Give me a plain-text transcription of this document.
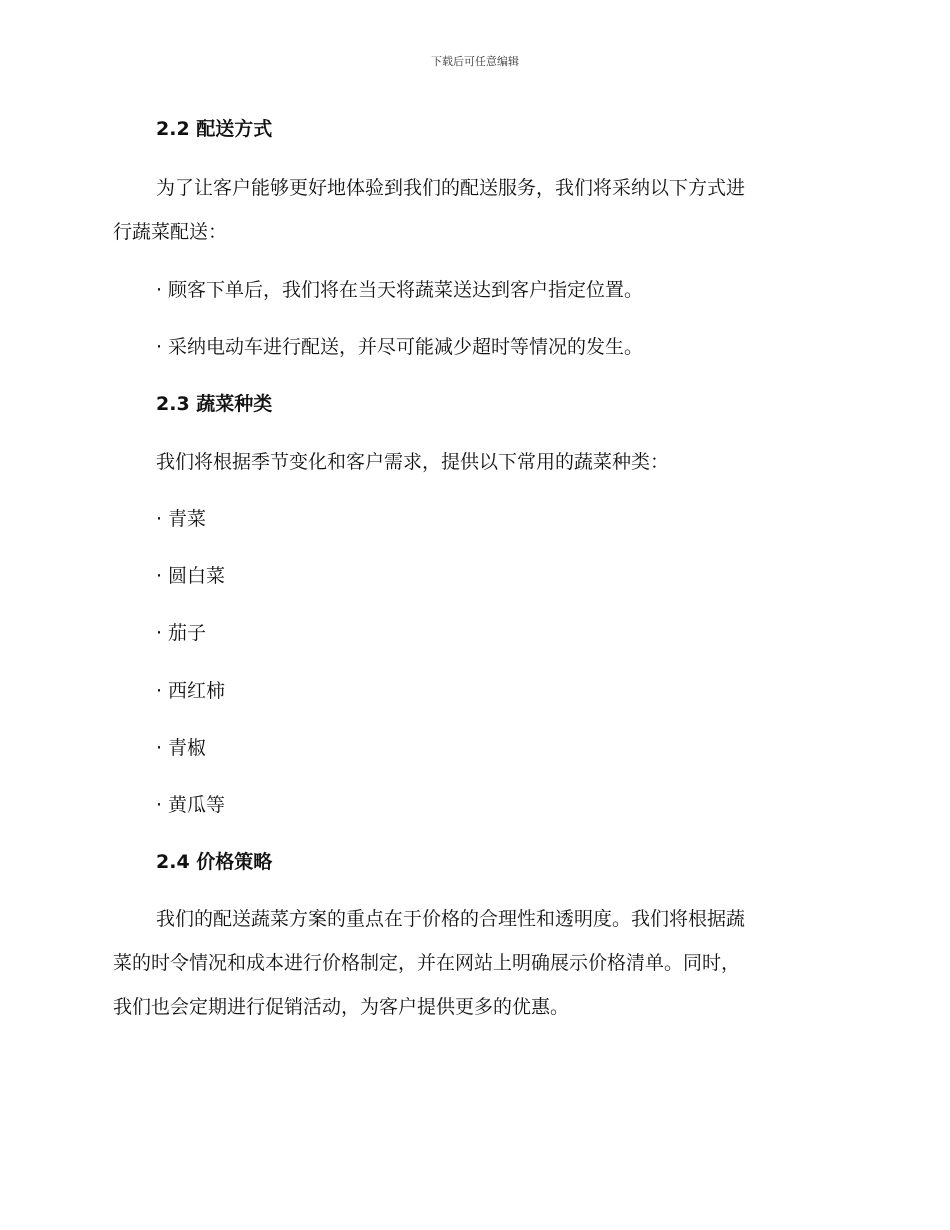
下载后可任意编辑
2.2 配送方式
为了让客户能够更好地体验到我们的配送服务，我们将采纳以下方式进
行蔬菜配送：
· 顾客下单后，我们将在当天将蔬菜送达到客户指定位置。
· 采纳电动车进行配送，并尽可能减少超时等情况的发生。
2.3 蔬菜种类
我们将根据季节变化和客户需求，提供以下常用的蔬菜种类：
· 青菜
· 圆白菜
· 茄子
· 西红柿
· 青椒
· 黄瓜等
2.4 价格策略
我们的配送蔬菜方案的重点在于价格的合理性和透明度。我们将根据蔬
菜的时令情况和成本进行价格制定，并在网站上明确展示价格清单。同时，
我们也会定期进行促销活动，为客户提供更多的优惠。
